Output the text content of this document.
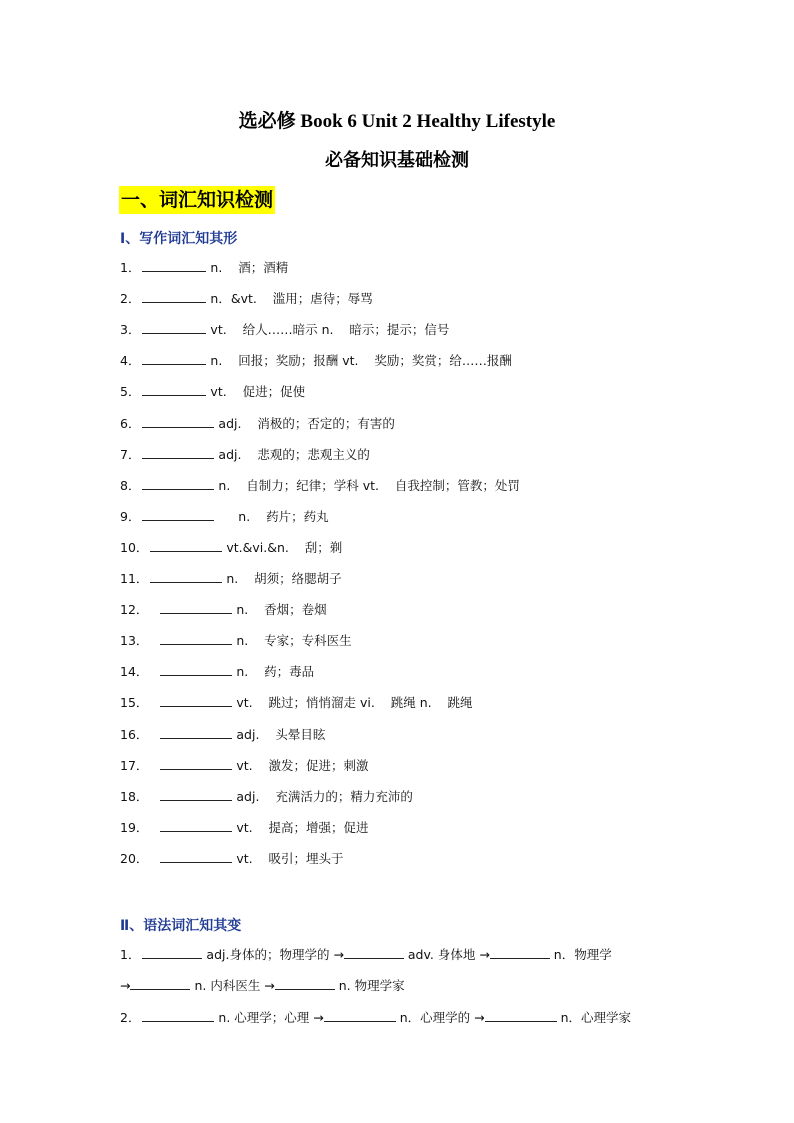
选必修 Book 6 Unit 2 Healthy Lifestyle
必备知识基础检测
一、词汇知识检测
Ⅰ、写作词汇知其形
1．	n.    酒；酒精
2．	n．&vt.    滥用；虐待；辱骂
3．	vt.    给人……暗示 n.    暗示；提示；信号
4．	n.    回报；奖励；报酬 vt.    奖励；奖赏；给……报酬
5．	vt.    促进；促使
6．	adj.    消极的；否定的；有害的
7．	adj.    悲观的；悲观主义的
8．	n.    自制力；纪律；学科 vt.    自我控制；管教；处罚
9．	n.    药片；药丸
10．	vt.&vi.&n.    刮；剃
11．	n.    胡须；络腮胡子
12．	n.    香烟；卷烟
13．	n.    专家；专科医生
14．	n.    药；毒品
15．	vt.    跳过；悄悄溜走 vi.    跳绳 n.    跳绳
16．	adj.    头晕目眩
17．	vt.    激发；促进；刺激
18．	adj.    充满活力的；精力充沛的
19．	vt.    提高；增强；促进
20．	vt.    吸引；埋头于
Ⅱ、语法词汇知其变
1．	adj.身体的；物理学的 →	adv. 身体地 →	n．物理学
→	n. 内科医生 →	n. 物理学家
2．	n. 心理学；心理 →	n．心理学的 →	n．心理学家
